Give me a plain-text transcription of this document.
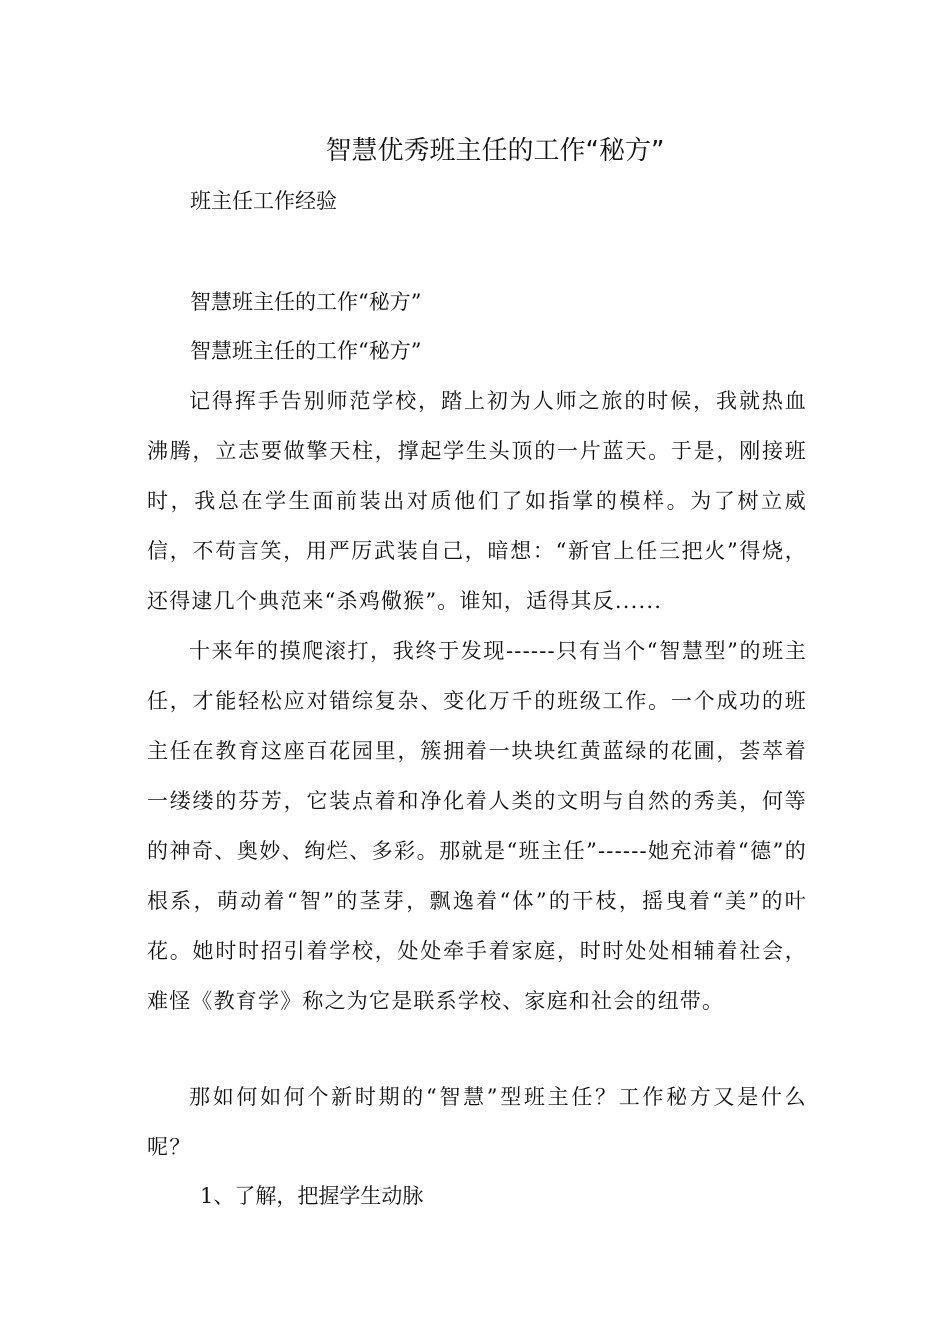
智慧优秀班主任的工作“秘方”
班主任工作经验
智慧班主任的工作“秘方”
智慧班主任的工作“秘方”
记得挥手告别师范学校，踏上初为人师之旅的时候，我就热血沸腾，立志要做擎天柱，撑起学生头顶的一片蓝天。于是，刚接班时，我总在学生面前装出对质他们了如指掌的模样。为了树立威信，不苟言笑，用严厉武装自己，暗想：“新官上任三把火”得烧，还得逮几个典范来“杀鸡儆猴”。谁知，适得其反......
十来年的摸爬滚打，我终于发现------只有当个“智慧型”的班主任，才能轻松应对错综复杂、变化万千的班级工作。一个成功的班主任在教育这座百花园里，簇拥着一块块红黄蓝绿的花圃，荟萃着一缕缕的芬芳，它装点着和净化着人类的文明与自然的秀美，何等的神奇、奥妙、绚烂、多彩。那就是“班主任”------她充沛着“德”的根系，萌动着“智”的茎芽，飘逸着“体”的干枝，摇曳着“美”的叶花。她时时招引着学校，处处牵手着家庭，时时处处相辅着社会，难怪《教育学》称之为它是联系学校、家庭和社会的纽带。
那如何如何个新时期的“智慧”型班主任？工作秘方又是什么呢？
1、了解，把握学生动脉
